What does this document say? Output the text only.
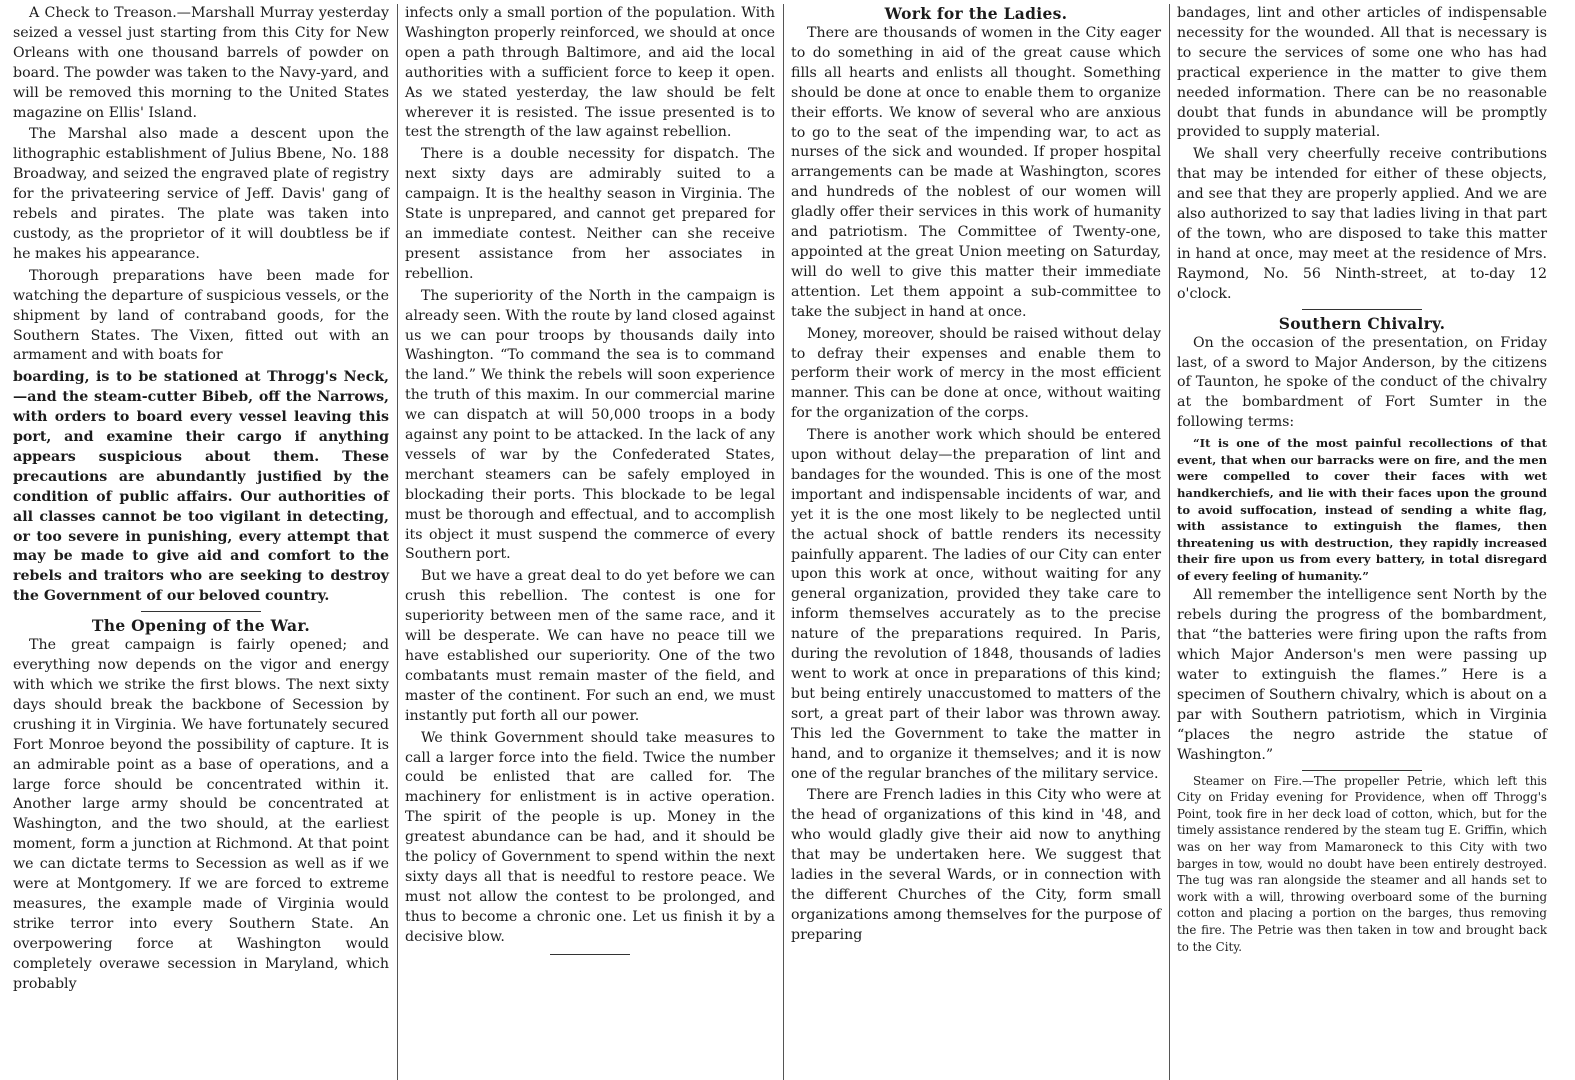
A Check to Treason.—Marshall Murray yesterday seized a vessel just starting from this City for New Orleans with one thousand barrels of powder on board. The powder was taken to the Navy-yard, and will be removed this morning to the United States magazine on Ellis' Island.

The Marshal also made a descent upon the lithographic establishment of Julius Bbene, No. 188 Broadway, and seized the engraved plate of registry for the privateering service of Jeff. Davis' gang of rebels and pirates. The plate was taken into custody, as the proprietor of it will doubtless be if he makes his appearance.

Thorough preparations have been made for watching the departure of suspicious vessels, or the shipment by land of contraband goods, for the Southern States. The Vixen, fitted out with an armament and with boats for

boarding, is to be stationed at Throgg's Neck, —and the steam-cutter Bibeb, off the Narrows, with orders to board every vessel leaving this port, and examine their cargo if anything appears suspicious about them. These precautions are abundantly justified by the condition of public affairs. Our authorities of all classes cannot be too vigilant in detecting, or too severe in punishing, every attempt that may be made to give aid and comfort to the rebels and traitors who are seeking to destroy the Government of our beloved country.

The Opening of the War.

The great campaign is fairly opened; and everything now depends on the vigor and energy with which we strike the first blows. The next sixty days should break the backbone of Secession by crushing it in Virginia. We have fortunately secured Fort Monroe beyond the possibility of capture. It is an admirable point as a base of operations, and a large force should be concentrated within it. Another large army should be concentrated at Washington, and the two should, at the earliest moment, form a junction at Richmond. At that point we can dictate terms to Secession as well as if we were at Montgomery. If we are forced to extreme measures, the example made of Virginia would strike terror into every Southern State. An overpowering force at Washington would completely overawe secession in Maryland, which probably

infects only a small portion of the population. With Washington properly reinforced, we should at once open a path through Baltimore, and aid the local authorities with a sufficient force to keep it open. As we stated yesterday, the law should be felt wherever it is resisted. The issue presented is to test the strength of the law against rebellion.

There is a double necessity for dispatch. The next sixty days are admirably suited to a campaign. It is the healthy season in Virginia. The State is unprepared, and cannot get prepared for an immediate contest. Neither can she receive present assistance from her associates in rebellion.

The superiority of the North in the campaign is already seen. With the route by land closed against us we can pour troops by thousands daily into Washington. “To command the sea is to command the land.” We think the rebels will soon experience the truth of this maxim. In our commercial marine we can dispatch at will 50,000 troops in a body against any point to be attacked. In the lack of any vessels of war by the Confederated States, merchant steamers can be safely employed in blockading their ports. This blockade to be legal must be thorough and effectual, and to accomplish its object it must suspend the commerce of every Southern port.

But we have a great deal to do yet before we can crush this rebellion. The contest is one for superiority between men of the same race, and it will be desperate. We can have no peace till we have established our superiority. One of the two combatants must remain master of the field, and master of the continent. For such an end, we must instantly put forth all our power.

We think Government should take measures to call a larger force into the field. Twice the number could be enlisted that are called for. The machinery for enlistment is in active operation. The spirit of the people is up. Money in the greatest abundance can be had, and it should be the policy of Government to spend within the next sixty days all that is needful to restore peace. We must not allow the contest to be prolonged, and thus to become a chronic one. Let us finish it by a decisive blow.

Work for the Ladies.

There are thousands of women in the City eager to do something in aid of the great cause which fills all hearts and enlists all thought. Something should be done at once to enable them to organize their efforts. We know of several who are anxious to go to the seat of the impending war, to act as nurses of the sick and wounded. If proper hospital arrangements can be made at Washington, scores and hundreds of the noblest of our women will gladly offer their services in this work of humanity and patriotism. The Committee of Twenty-one, appointed at the great Union meeting on Saturday, will do well to give this matter their immediate attention. Let them appoint a sub-committee to take the subject in hand at once.

Money, moreover, should be raised without delay to defray their expenses and enable them to perform their work of mercy in the most efficient manner. This can be done at once, without waiting for the organization of the corps.

There is another work which should be entered upon without delay—the preparation of lint and bandages for the wounded. This is one of the most important and indispensable incidents of war, and yet it is the one most likely to be neglected until the actual shock of battle renders its necessity painfully apparent. The ladies of our City can enter upon this work at once, without waiting for any general organization, provided they take care to inform themselves accurately as to the precise nature of the preparations required. In Paris, during the revolution of 1848, thousands of ladies went to work at once in preparations of this kind; but being entirely unaccustomed to matters of the sort, a great part of their labor was thrown away. This led the Government to take the matter in hand, and to organize it themselves; and it is now one of the regular branches of the military service.

There are French ladies in this City who were at the head of organizations of this kind in '48, and who would gladly give their aid now to anything that may be undertaken here. We suggest that ladies in the several Wards, or in connection with the different Churches of the City, form small organizations among themselves for the purpose of preparing

bandages, lint and other articles of indispensable necessity for the wounded. All that is necessary is to secure the services of some one who has had practical experience in the matter to give them needed information. There can be no reasonable doubt that funds in abundance will be promptly provided to supply material.

We shall very cheerfully receive contributions that may be intended for either of these objects, and see that they are properly applied. And we are also authorized to say that ladies living in that part of the town, who are disposed to take this matter in hand at once, may meet at the residence of Mrs. Raymond, No. 56 Ninth-street, at to-day 12 o'clock.

Southern Chivalry.

On the occasion of the presentation, on Friday last, of a sword to Major Anderson, by the citizens of Taunton, he spoke of the conduct of the chivalry at the bombardment of Fort Sumter in the following terms:

“It is one of the most painful recollections of that event, that when our barracks were on fire, and the men were compelled to cover their faces with wet handkerchiefs, and lie with their faces upon the ground to avoid suffocation, instead of sending a white flag, with assistance to extinguish the flames, then threatening us with destruction, they rapidly increased their fire upon us from every battery, in total disregard of every feeling of humanity.”

All remember the intelligence sent North by the rebels during the progress of the bombardment, that “the batteries were firing upon the rafts from which Major Anderson's men were passing up water to extinguish the flames.” Here is a specimen of Southern chivalry, which is about on a par with Southern patriotism, which in Virginia “places the negro astride the statue of Washington.”

Steamer on Fire.—The propeller Petrie, which left this City on Friday evening for Providence, when off Throgg's Point, took fire in her deck load of cotton, which, but for the timely assistance rendered by the steam tug E. Griffin, which was on her way from Mamaroneck to this City with two barges in tow, would no doubt have been entirely destroyed. The tug was ran alongside the steamer and all hands set to work with a will, throwing overboard some of the burning cotton and placing a portion on the barges, thus removing the fire. The Petrie was then taken in tow and brought back to the City.
